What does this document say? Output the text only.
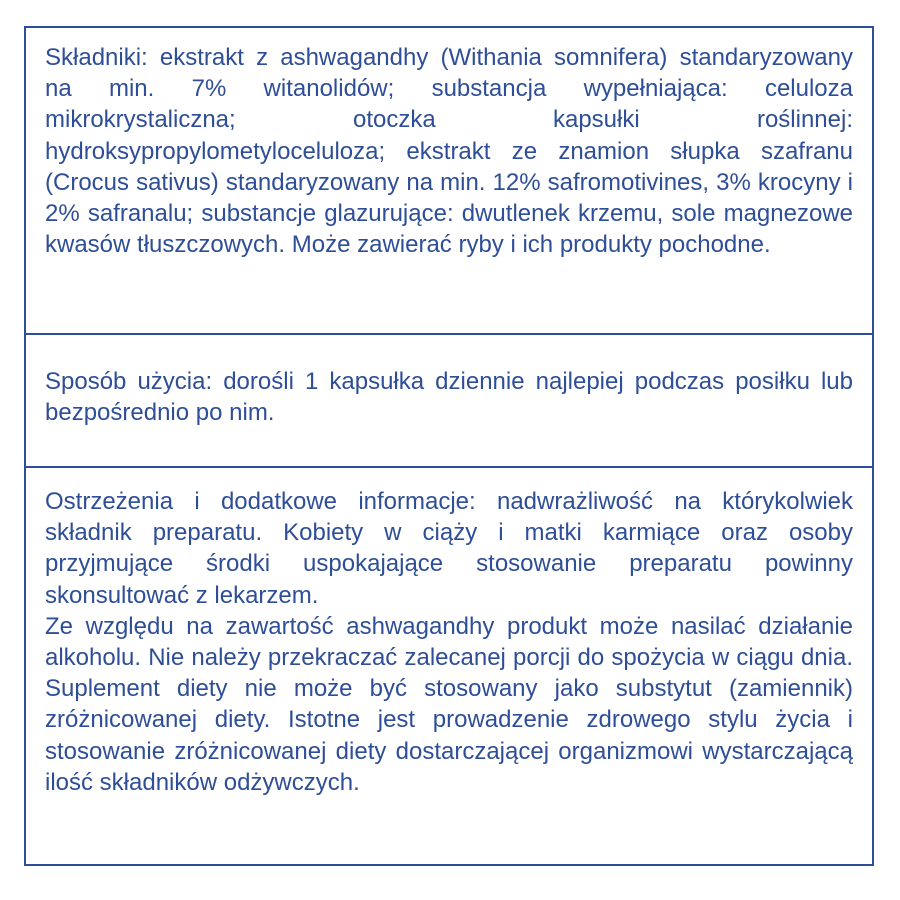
Składniki: ekstrakt z ashwagandhy (Withania somnifera) standaryzowany na min. 7% witanolidów; substancja wypełniająca: celuloza mikrokrystaliczna; otoczka kapsułki roślinnej: hydroksypropylometyloceluloza; ekstrakt ze znamion słupka szafranu (Crocus sativus) standaryzowany na min. 12% safromotivines, 3% krocyny i 2% safranalu; substancje glazurujące: dwutlenek krzemu, sole magnezowe kwasów tłuszczowych. Może zawierać ryby i ich produkty pochodne.

Sposób użycia: dorośli 1 kapsułka dziennie najlepiej podczas posiłku lub bezpośrednio po nim.

Ostrzeżenia i dodatkowe informacje: nadwrażliwość na którykolwiek składnik preparatu. Kobiety w ciąży i matki karmiące oraz osoby przyjmujące środki uspokajające stosowanie preparatu powinny skonsultować z lekarzem.

Ze względu na zawartość ashwagandhy produkt może nasilać działanie alkoholu. Nie należy przekraczać zalecanej porcji do spożycia w ciągu dnia. Suplement diety nie może być stosowany jako substytut (zamiennik) zróżnicowanej diety. Istotne jest prowadzenie zdrowego stylu życia i stosowanie zróżnicowanej diety dostarczającej organizmowi wystarczającą ilość składników odżywczych.
